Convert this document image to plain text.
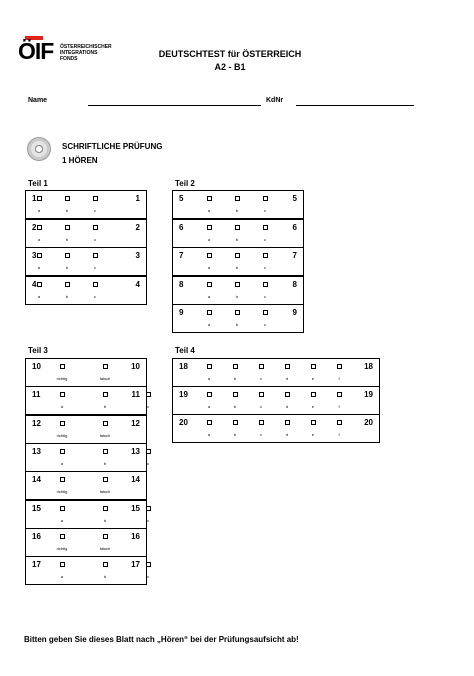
ÖIF ÖSTERREICHISCHER
INTEGRATIONS
FONDS	DEUTSCHTEST für ÖSTERREICH
A2 - B1
Name	KdNr
SCHRIFTLICHE PRÜFUNG
1 HÖREN
Teil 1
1	1
a	b	c
2	2
a	b	c
3	3
a	b	c
4	4
a	b	c
Teil 2
5	5
a	b	c
6	6
a	b	c
7	7
a	b	c
8	8
a	b	c
9	9
a	b	c
Teil 3
10	10
richtig	falsch
11	11
a	b	c
12	12
richtig	falsch
13	13
a	b	c
14	14
richtig	falsch
15	15
a	b	c
16	16
richtig	falsch
17	17
a	b	c
Teil 4
18	18
a	b	c	d	e	f
19	19
a	b	c	d	e	f
20	20
a	b	c	d	e	f
Bitten geben Sie dieses Blatt nach „Hören“ bei der Prüfungsaufsicht ab!
